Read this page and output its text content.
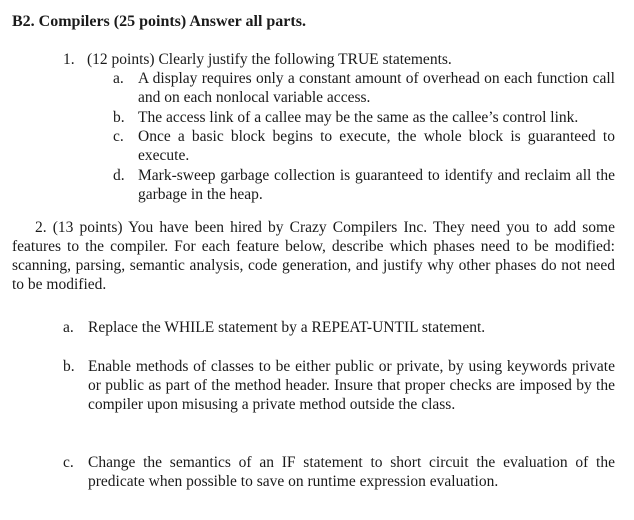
B2. Compilers (25 points) Answer all parts.
1. (12 points) Clearly justify the following TRUE statements.
a. A display requires only a constant amount of overhead on each function call and on each nonlocal variable access.
b. The access link of a callee may be the same as the callee’s control link.
c. Once a basic block begins to execute, the whole block is guaranteed to execute.
d. Mark-sweep garbage collection is guaranteed to identify and reclaim all the garbage in the heap.
2. (13 points) You have been hired by Crazy Compilers Inc. They need you to add some features to the compiler. For each feature below, describe which phases need to be modified: scanning, parsing, semantic analysis, code generation, and justify why other phases do not need to be modified.
a. Replace the WHILE statement by a REPEAT-UNTIL statement.
b. Enable methods of classes to be either public or private, by using keywords private or public as part of the method header. Insure that proper checks are imposed by the compiler upon misusing a private method outside the class.
c. Change the semantics of an IF statement to short circuit the evaluation of the predicate when possible to save on runtime expression evaluation.
